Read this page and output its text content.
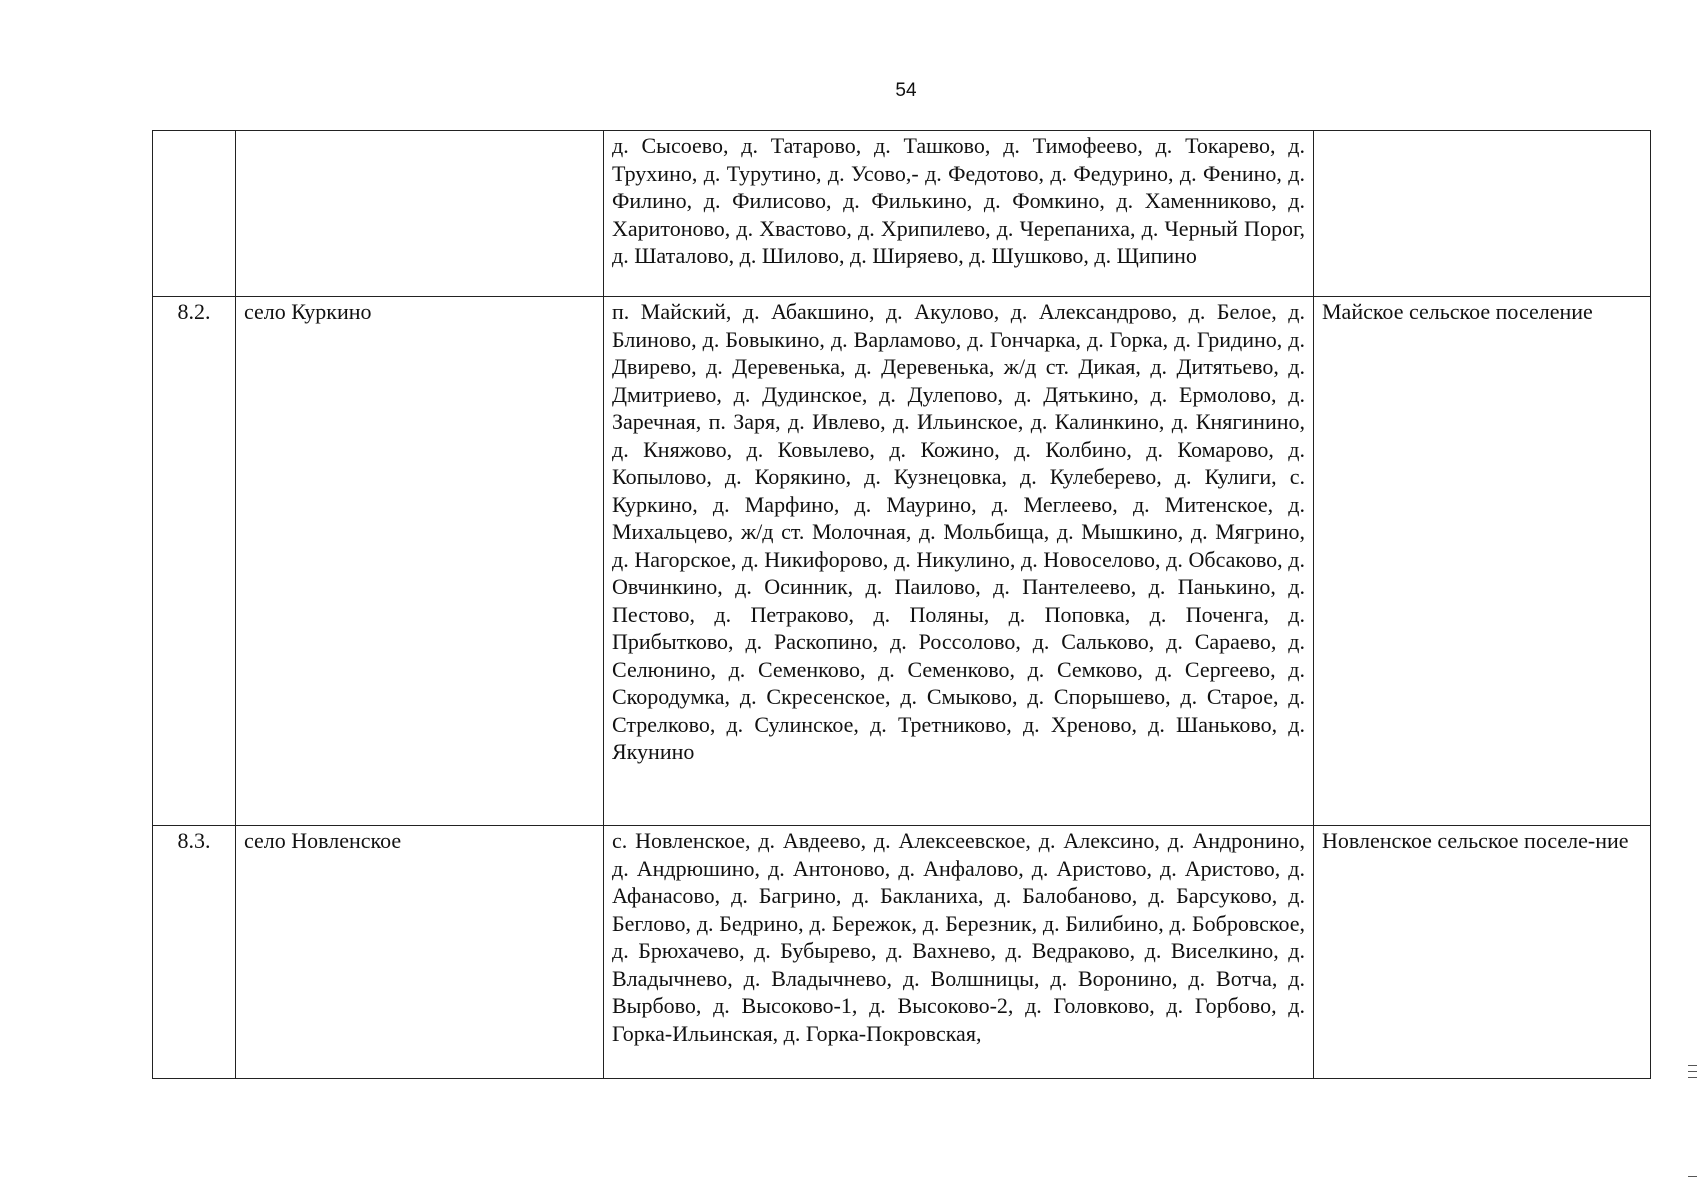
54
		д. Сысоево, д. Татарово, д. Ташково, д. Тимофеево, д. Токарево, д. Трухино, д. Турутино, д. Усово,- д. Федотово, д. Федурино, д. Фенино, д. Филино, д. Филисово, д. Филькино, д. Фомкино, д. Хаменниково, д. Харитоново, д. Хвастово, д. Хрипилево, д. Черепаниха, д. Черный Порог, д. Шаталово, д. Шилово, д. Ширяево, д. Шушково, д. Щипино	
8.2.	село Куркино	п. Майский, д. Абакшино, д. Акулово, д. Александрово, д. Белое, д. Блиново, д. Бовыкино, д. Варламово, д. Гончарка, д. Горка, д. Гридино, д. Двирево, д. Деревенька, д. Деревенька, ж/д ст. Дикая, д. Дитятьево, д. Дмитриево, д. Дудинское, д. Дулепово, д. Дятькино, д. Ермолово, д. Заречная, п. Заря, д. Ивлево, д. Ильинское, д. Калинкино, д. Княгинино, д. Княжово, д. Ковылево, д. Кожино, д. Колбино, д. Комарово, д. Копылово, д. Корякино, д. Кузнецовка, д. Кулеберево, д. Кулиги, с. Куркино, д. Марфино, д. Маурино, д. Меглеево, д. Митенское, д. Михальцево, ж/д ст. Молочная, д. Мольбища, д. Мышкино, д. Мягрино, д. Нагорское, д. Никифорово, д. Никулино, д. Новоселово, д. Обсаково, д. Овчинкино, д. Осинник, д. Паилово, д. Пантелеево, д. Панькино, д. Пестово, д. Петраково, д. Поляны, д. Поповка, д. Поченга, д. Прибытково, д. Раскопино, д. Россолово, д. Сальково, д. Сараево, д. Селюнино, д. Семенково, д. Семенково, д. Семково, д. Сергеево, д. Скородумка, д. Скресенское, д. Смыково, д. Спорышево, д. Старое, д. Стрелково, д. Сулинское, д. Третниково, д. Хреново, д. Шаньково, д. Якунино	Майское сельское поселение
8.3.	село Новленское	с. Новленское, д. Авдеево, д. Алексеевское, д. Алексино, д. Андронино, д. Андрюшино, д. Антоново, д. Анфалово, д. Аристово, д. Аристово, д. Афанасово, д. Багрино, д. Бакланиха, д. Балобаново, д. Барсуково, д. Беглово, д. Бедрино, д. Бережок, д. Березник, д. Билибино, д. Бобровское, д. Брюхачево, д. Бубырево, д. Вахнево, д. Ведраково, д. Виселкино, д. Владычнево, д. Владычнево, д. Волшницы, д. Воронино, д. Вотча, д. Вырбово, д. Высоково-1, д. Высоково-2, д. Головково, д. Горбово, д. Горка-Ильинская, д. Горка-Покровская,	Новленское сельское поселе-ние
